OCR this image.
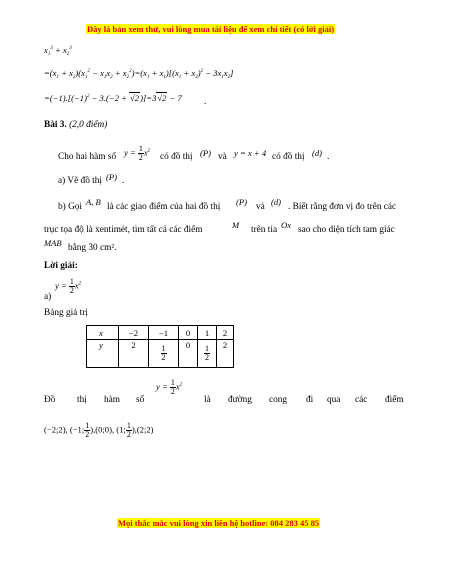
Đây là bản xem thử, vui lòng mua tài liệu để xem chi tiết (có lời giải)
$x_1^3 + x_2^3$
$=(x_1 + x_2)(x_1^2 - x_1x_2 + x_2^2)=(x_1 + x_1)[(x_1 + x_2)^2 - 3x_1x_2]$
$=(-1).[(-1)^2 - 3.(-2 + √2)]=3√2 - 7$ .
Bài 3. (2,0 điểm)
Cho hai hàm số $y = \frac{1}{2} x^2$
có đồ thị (P) và y = x + 4 có đồ thị (d) .
a) Vẽ đồ thị (P) .
b) Gọi A, B là các giao điểm của hai đồ thị (P) và (d) . Biết rằng đơn vị đo trên các
trục tọa độ là xentimét, tìm tất cả các điểm	M trên tia Ox sao cho diện tích tam giác
MAB bằng 30 cm².
Lời giải:
a)
$y = \frac{1}{2} x^2$
Bảng giá trị
x	−2	−1	0	1	2
y	2	$\frac{1}{2}$	0	$\frac{1}{2}$	2
Đồ thị hàm số
$y = \frac{1}{2} x^2$
là đường cong đi qua các điểm
(−2;2), (−1; $\frac{1}{2}$ ),(0;0), (1; $\frac{1}{2}$ ),(2;2)
Mọi thắc mắc vui lòng xin liên hệ hotline: 084 283 45 85
